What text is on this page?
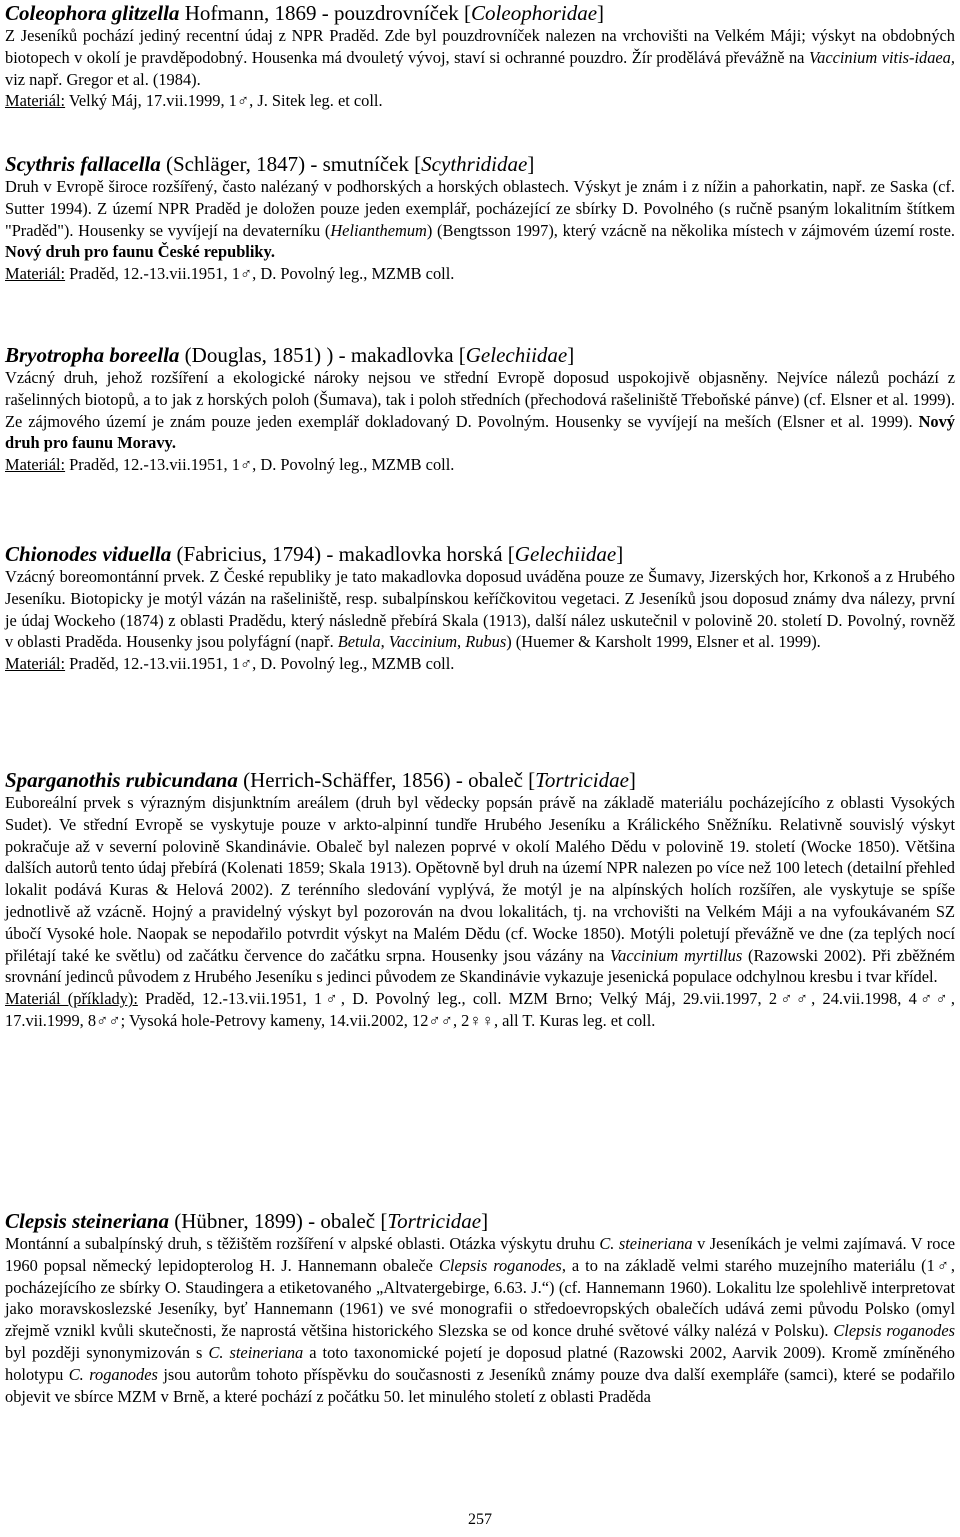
Coleophora glitzella Hofmann, 1869 - pouzdrovníček [Coleophoridae]

Z Jeseníků pochází jediný recentní údaj z NPR Praděd. Zde byl pouzdrovníček nalezen na vrchovišti na Velkém Máji; výskyt na obdobných biotopech v okolí je pravděpodobný. Housenka má dvouletý vývoj, staví si ochranné pouzdro. Žír prodělává převážně na Vaccinium vitis-idaea, viz např. Gregor et al. (1984).

Materiál: Velký Máj, 17.vii.1999, 1♂, J. Sitek leg. et coll.

Scythris fallacella (Schläger, 1847) - smutníček [Scythrididae]

Druh v Evropě široce rozšířený, často nalézaný v podhorských a horských oblastech. Výskyt je znám i z nížin a pahorkatin, např. ze Saska (cf. Sutter 1994). Z území NPR Praděd je doložen pouze jeden exemplář, pocházející ze sbírky D. Povolného (s ručně psaným lokalitním štítkem "Praděd"). Housenky se vyvíjejí na devaterníku (Helianthemum) (Bengtsson 1997), který vzácně na několika místech v zájmovém území roste. Nový druh pro faunu České republiky.

Materiál: Praděd, 12.-13.vii.1951, 1♂, D. Povolný leg., MZMB coll.

Bryotropha boreella (Douglas, 1851) ) - makadlovka [Gelechiidae]

Vzácný druh, jehož rozšíření a ekologické nároky nejsou ve střední Evropě doposud uspokojivě objasněny. Nejvíce nálezů pochází z rašelinných biotopů, a to jak z horských poloh (Šumava), tak i poloh středních (přechodová rašeliniště Třeboňské pánve) (cf. Elsner et al. 1999). Ze zájmového území je znám pouze jeden exemplář dokladovaný D. Povolným. Housenky se vyvíjejí na meších (Elsner et al. 1999). Nový druh pro faunu Moravy.

Materiál: Praděd, 12.-13.vii.1951, 1♂, D. Povolný leg., MZMB coll.

Chionodes viduella (Fabricius, 1794) - makadlovka horská [Gelechiidae]

Vzácný boreomontánní prvek. Z České republiky je tato makadlovka doposud uváděna pouze ze Šumavy, Jizerských hor, Krkonoš a z Hrubého Jeseníku. Biotopicky je motýl vázán na rašeliniště, resp. subalpínskou keříčkovitou vegetaci. Z Jeseníků jsou doposud známy dva nálezy, první je údaj Wockeho (1874) z oblasti Pradědu, který následně přebírá Skala (1913), další nález uskutečnil v polovině 20. století D. Povolný, rovněž v oblasti Praděda. Housenky jsou polyfágní (např. Betula, Vaccinium, Rubus) (Huemer & Karsholt 1999, Elsner et al. 1999).

Materiál: Praděd, 12.-13.vii.1951, 1♂, D. Povolný leg., MZMB coll.

Sparganothis rubicundana (Herrich-Schäffer, 1856) - obaleč [Tortricidae]

Euboreální prvek s výrazným disjunktním areálem (druh byl vědecky popsán právě na základě materiálu pocházejícího z oblasti Vysokých Sudet). Ve střední Evropě se vyskytuje pouze v arkto-alpinní tundře Hrubého Jeseníku a Králického Sněžníku. Relativně souvislý výskyt pokračuje až v severní polovině Skandinávie. Obaleč byl nalezen poprvé v okolí Malého Dědu v polovině 19. století (Wocke 1850). Většina dalších autorů tento údaj přebírá (Kolenati 1859; Skala 1913). Opětovně byl druh na území NPR nalezen po více než 100 letech (detailní přehled lokalit podává Kuras & Helová 2002). Z terénního sledování vyplývá, že motýl je na alpínských holích rozšířen, ale vyskytuje se spíše jednotlivě až vzácně. Hojný a pravidelný výskyt byl pozorován na dvou lokalitách, tj. na vrchovišti na Velkém Máji a na vyfoukávaném SZ úbočí Vysoké hole. Naopak se nepodařilo potvrdit výskyt na Malém Dědu (cf. Wocke 1850). Motýli poletují převážně ve dne (za teplých nocí přilétají také ke světlu) od začátku července do začátku srpna. Housenky jsou vázány na Vaccinium myrtillus (Razowski 2002). Při zběžném srovnání jedinců původem z Hrubého Jeseníku s jedinci původem ze Skandinávie vykazuje jesenická populace odchylnou kresbu i tvar křídel.

Materiál (příklady): Praděd, 12.-13.vii.1951, 1♂, D. Povolný leg., coll. MZM Brno; Velký Máj, 29.vii.1997, 2♂♂, 24.vii.1998, 4♂♂, 17.vii.1999, 8♂♂; Vysoká hole-Petrovy kameny, 14.vii.2002, 12♂♂, 2♀♀, all T. Kuras leg. et coll.

Clepsis steineriana (Hübner, 1899) - obaleč [Tortricidae]

Montánní a subalpínský druh, s těžištěm rozšíření v alpské oblasti. Otázka výskytu druhu C. steineriana v Jeseníkách je velmi zajímavá. V roce 1960 popsal německý lepidopterolog H. J. Hannemann obaleče Clepsis roganodes, a to na základě velmi starého muzejního materiálu (1♂, pocházejícího ze sbírky O. Staudingera a etiketovaného „Altvatergebirge, 6.63. J.“) (cf. Hannemann 1960). Lokalitu lze spolehlivě interpretovat jako moravskoslezské Jeseníky, byť Hannemann (1961) ve své monografii o středoevropských obalečích udává zemi původu Polsko (omyl zřejmě vznikl kvůli skutečnosti, že naprostá většina historického Slezska se od konce druhé světové války nalézá v Polsku). Clepsis roganodes byl později synonymizován s C. steineriana a toto taxonomické pojetí je doposud platné (Razowski 2002, Aarvik 2009). Kromě zmíněného holotypu C. roganodes jsou autorům tohoto příspěvku do současnosti z Jeseníků známy pouze dva další exempláře (samci), které se podařilo objevit ve sbírce MZM v Brně, a které pochází z počátku 50. let minulého století z oblasti Praděda

257
